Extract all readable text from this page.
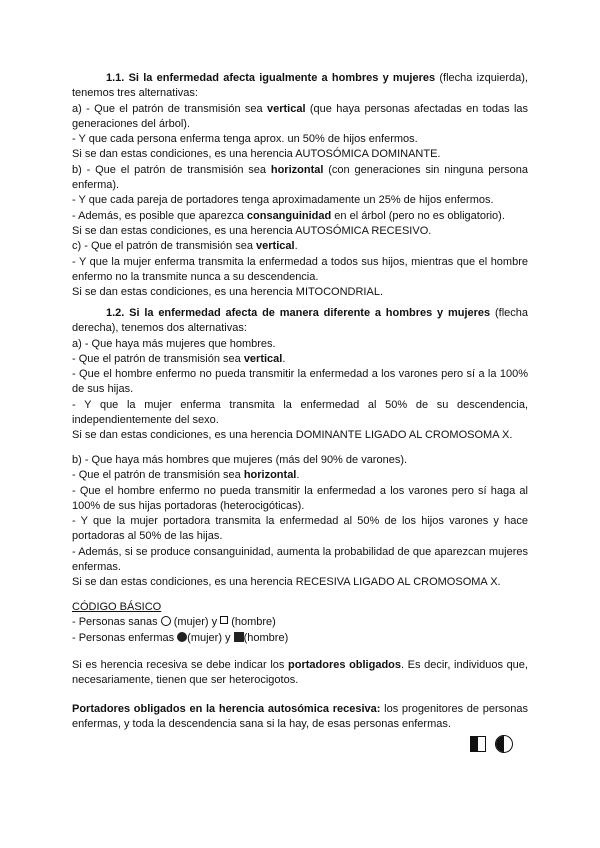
1.1. Si la enfermedad afecta igualmente a hombres y mujeres (flecha izquierda), tenemos tres alternativas:

a) - Que el patrón de transmisión sea vertical (que haya personas afectadas en todas las generaciones del árbol).

- Y que cada persona enferma tenga aprox. un 50% de hijos enfermos.

Si se dan estas condiciones, es una herencia AUTOSÓMICA DOMINANTE.

b) - Que el patrón de transmisión sea horizontal (con generaciones sin ninguna persona enferma).

- Y que cada pareja de portadores tenga aproximadamente un 25% de hijos enfermos.

- Además, es posible que aparezca consanguinidad en el árbol (pero no es obligatorio).

Si se dan estas condiciones, es una herencia AUTOSÓMICA RECESIVO.

c) - Que el patrón de transmisión sea vertical.

- Y que la mujer enferma transmita la enfermedad a todos sus hijos, mientras que el hombre enfermo no la transmite nunca a su descendencia.

Si se dan estas condiciones, es una herencia MITOCONDRIAL.

1.2. Si la enfermedad afecta de manera diferente a hombres y mujeres (flecha derecha), tenemos dos alternativas:

a) - Que haya más mujeres que hombres.

- Que el patrón de transmisión sea vertical.

- Que el hombre enfermo no pueda transmitir la enfermedad a los varones pero sí a la 100% de sus hijas.

- Y que la mujer enferma transmita la enfermedad al 50% de su descendencia, independientemente del sexo.

Si se dan estas condiciones, es una herencia DOMINANTE LIGADO AL CROMOSOMA X.

b) - Que haya más hombres que mujeres (más del 90% de varones).

- Que el patrón de transmisión sea horizontal.

- Que el hombre enfermo no pueda transmitir la enfermedad a los varones pero sí haga al 100% de sus hijas portadoras (heterocigóticas).

- Y que la mujer portadora transmita la enfermedad al 50% de los hijos varones y hace portadoras al 50% de las hijas.

- Además, si se produce consanguinidad, aumenta la probabilidad de que aparezcan mujeres enfermas.

Si se dan estas condiciones, es una herencia RECESIVA LIGADO AL CROMOSOMA X.

CÓDIGO BÁSICO

- Personas sanas  (mujer) y  (hombre)

- Personas enfermas (mujer) y (hombre)

Si es herencia recesiva se debe indicar los portadores obligados. Es decir, individuos que, necesariamente, tienen que ser heterocigotos.

Portadores obligados en la herencia autosómica recesiva: los progenitores de personas enfermas, y toda la descendencia sana si la hay, de esas personas enfermas.
